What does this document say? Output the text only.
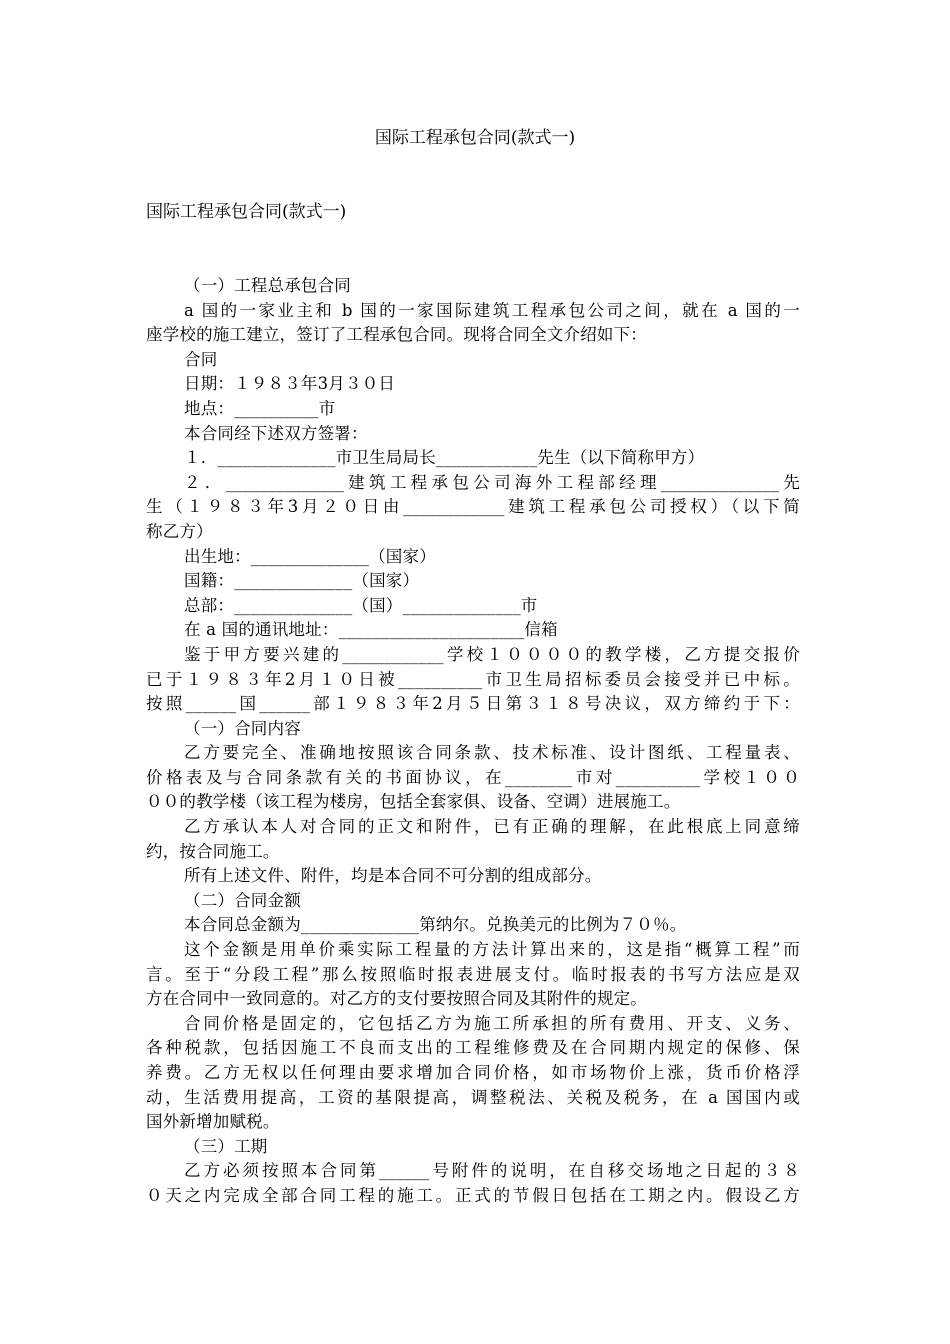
国际工程承包合同(款式一)
国际工程承包合同(款式一)
（一）工程总承包合同
a 国的一家业主和 b 国的一家国际建筑工程承包公司之间，就在 a 国的一
座学校的施工建立，签订了工程承包合同。现将合同全文介绍如下：
合同
日期：１９８３年3月３０日
地点：__________市
本合同经下述双方签署：
１．______________市卫生局局长____________先生（以下简称甲方）
２．______________建筑工程承包公司海外工程部经理______________先
生（１９８３年3月２０日由____________建筑工程承包公司授权）（以下简
称乙方）
出生地：______________（国家）
国籍：______________（国家）
总部：______________（国）______________市
在 a 国的通讯地址：______________________信箱
鉴于甲方要兴建的____________学校１００００的教学楼，乙方提交报价
已于１９８３年2月１０日被__________市卫生局招标委员会接受并已中标。
按照______国______部１９８３年2月５日第３１８号决议，双方缔约于下：
（一）合同内容
乙方要完全、准确地按照该合同条款、技术标准、设计图纸、工程量表、
价格表及与合同条款有关的书面协议，在________市对__________学校１００
００的教学楼（该工程为楼房，包括全套家俱、设备、空调）进展施工。
乙方承认本人对合同的正文和附件，已有正确的理解，在此根底上同意缔
约，按合同施工。
所有上述文件、附件，均是本合同不可分割的组成部分。
（二）合同金额
本合同总金额为______________第纳尔。兑换美元的比例为７０％。
这个金额是用单价乘实际工程量的方法计算出来的，这是指“概算工程”而
言。至于“分段工程”那么按照临时报表进展支付。临时报表的书写方法应是双
方在合同中一致同意的。对乙方的支付要按照合同及其附件的规定。
合同价格是固定的，它包括乙方为施工所承担的所有费用、开支、义务、
各种税款，包括因施工不良而支出的工程维修费及在合同期内规定的保修、保
养费。乙方无权以任何理由要求增加合同价格，如市场物价上涨，货币价格浮
动，生活费用提高，工资的基限提高，调整税法、关税及税务，在 a 国国内或
国外新增加赋税。
（三）工期
乙方必须按照本合同第______号附件的说明，在自移交场地之日起的３８
０天之内完成全部合同工程的施工。正式的节假日包括在工期之内。假设乙方
